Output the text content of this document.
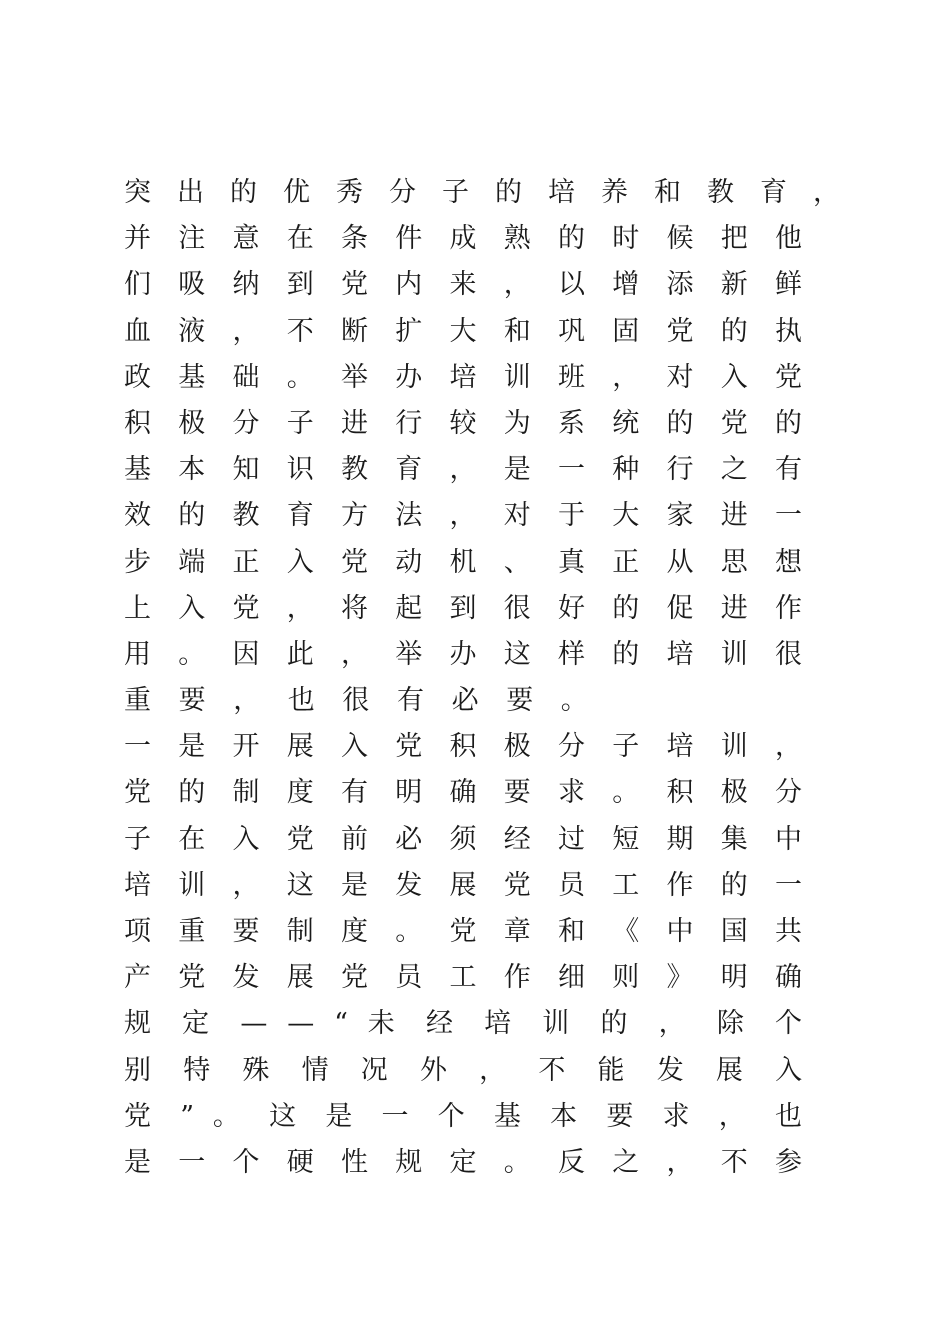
突 出 的 优 秀 分 子 的 培 养 和 教 育 ，
并 注 意 在 条 件 成 熟 的 时 候 把 他
们 吸 纳 到 党 内 来 ， 以 增 添 新 鲜
血 液 ， 不 断 扩 大 和 巩 固 党 的 执
政 基 础 。 举 办 培 训 班 ， 对 入 党
积 极 分 子 进 行 较 为 系 统 的 党 的
基 本 知 识 教 育 ， 是 一 种 行 之 有
效 的 教 育 方 法 ， 对 于 大 家 进 一
步 端 正 入 党 动 机 、 真 正 从 思 想
上 入 党 ， 将 起 到 很 好 的 促 进 作
用 。 因 此 ， 举 办 这 样 的 培 训 很
重要，也很有必要。
一 是 开 展 入 党 积 极 分 子 培 训 ，
党 的 制 度 有 明 确 要 求 。 积 极 分
子 在 入 党 前 必 须 经 过 短 期 集 中
培 训 ， 这 是 发 展 党 员 工 作 的 一
项 重 要 制 度 。 党 章 和 《 中 国 共
产 党 发 展 党 员 工 作 细 则 》 明 确
规 定 — — “ 未 经 培 训 的 ， 除 个
别 特 殊 情 况 外 ， 不 能 发 展 入
党 ” 。 这 是 一 个 基 本 要 求 ， 也
是 一 个 硬 性 规 定 。 反 之 ， 不 参
